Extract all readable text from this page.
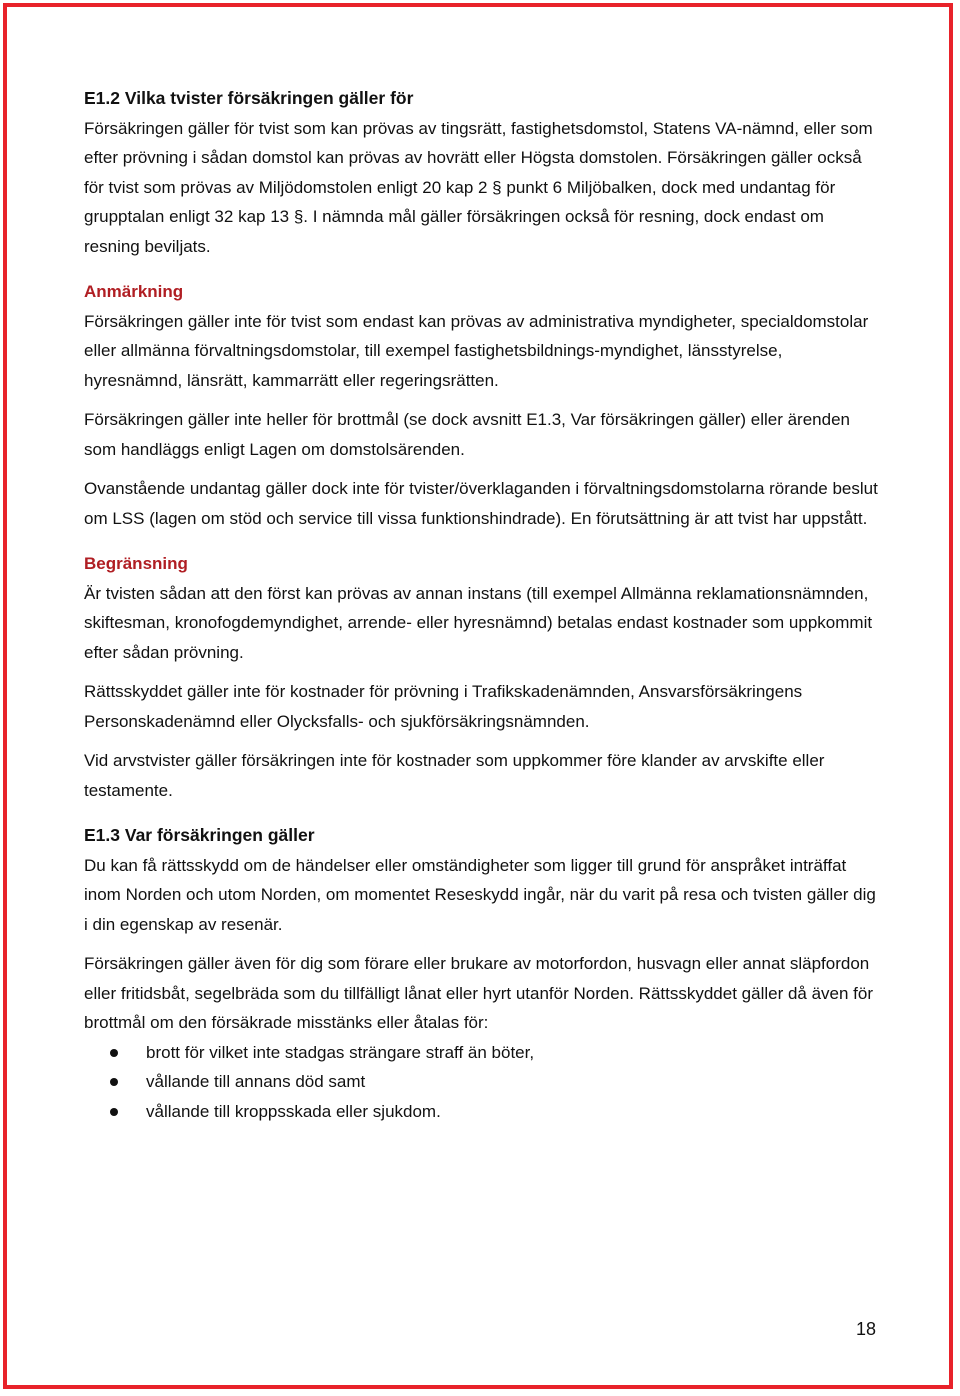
E1.2 Vilka tvister försäkringen gäller för

Försäkringen gäller för tvist som kan prövas av tingsrätt, fastighetsdomstol, Statens VA-nämnd, eller som efter prövning i sådan domstol kan prövas av hovrätt eller Högsta domstolen. Försäkringen gäller också för tvist som prövas av Miljödomstolen enligt 20 kap 2 § punkt 6 Miljöbalken, dock med undantag för grupptalan enligt 32 kap 13 §. I nämnda mål gäller försäkringen också för resning, dock endast om resning beviljats.

Anmärkning

Försäkringen gäller inte för tvist som endast kan prövas av administrativa myndigheter, specialdomstolar eller allmänna förvaltningsdomstolar, till exempel fastighetsbildnings-myndighet, länsstyrelse, hyresnämnd, länsrätt, kammarrätt eller regeringsrätten.

Försäkringen gäller inte heller för brottmål (se dock avsnitt E1.3, Var försäkringen gäller) eller ärenden som handläggs enligt Lagen om domstolsärenden.

Ovanstående undantag gäller dock inte för tvister/överklaganden i förvaltningsdomstolarna rörande beslut om LSS (lagen om stöd och service till vissa funktionshindrade). En förutsättning är att tvist har uppstått.

Begränsning

Är tvisten sådan att den först kan prövas av annan instans (till exempel Allmänna reklamationsnämnden, skiftesman, kronofogdemyndighet, arrende- eller hyresnämnd) betalas endast kostnader som uppkommit efter sådan prövning.

Rättsskyddet gäller inte för kostnader för prövning i Trafikskadenämnden, Ansvarsförsäkringens Personskadenämnd eller Olycksfalls- och sjukförsäkringsnämnden.

Vid arvstvister gäller försäkringen inte för kostnader som uppkommer före klander av arvskifte eller testamente.

E1.3 Var försäkringen gäller

Du kan få rättsskydd om de händelser eller omständigheter som ligger till grund för anspråket inträffat inom Norden och utom Norden, om momentet Reseskydd ingår, när du varit på resa och tvisten gäller dig i din egenskap av resenär.

Försäkringen gäller även för dig som förare eller brukare av motorfordon, husvagn eller annat släpfordon eller fritidsbåt, segelbräda som du tillfälligt lånat eller hyrt utanför Norden. Rättsskyddet gäller då även för brottmål om den försäkrade misstänks eller åtalas för:

brott för vilket inte stadgas strängare straff än böter,
vållande till annans död samt
vållande till kroppsskada eller sjukdom.
18
